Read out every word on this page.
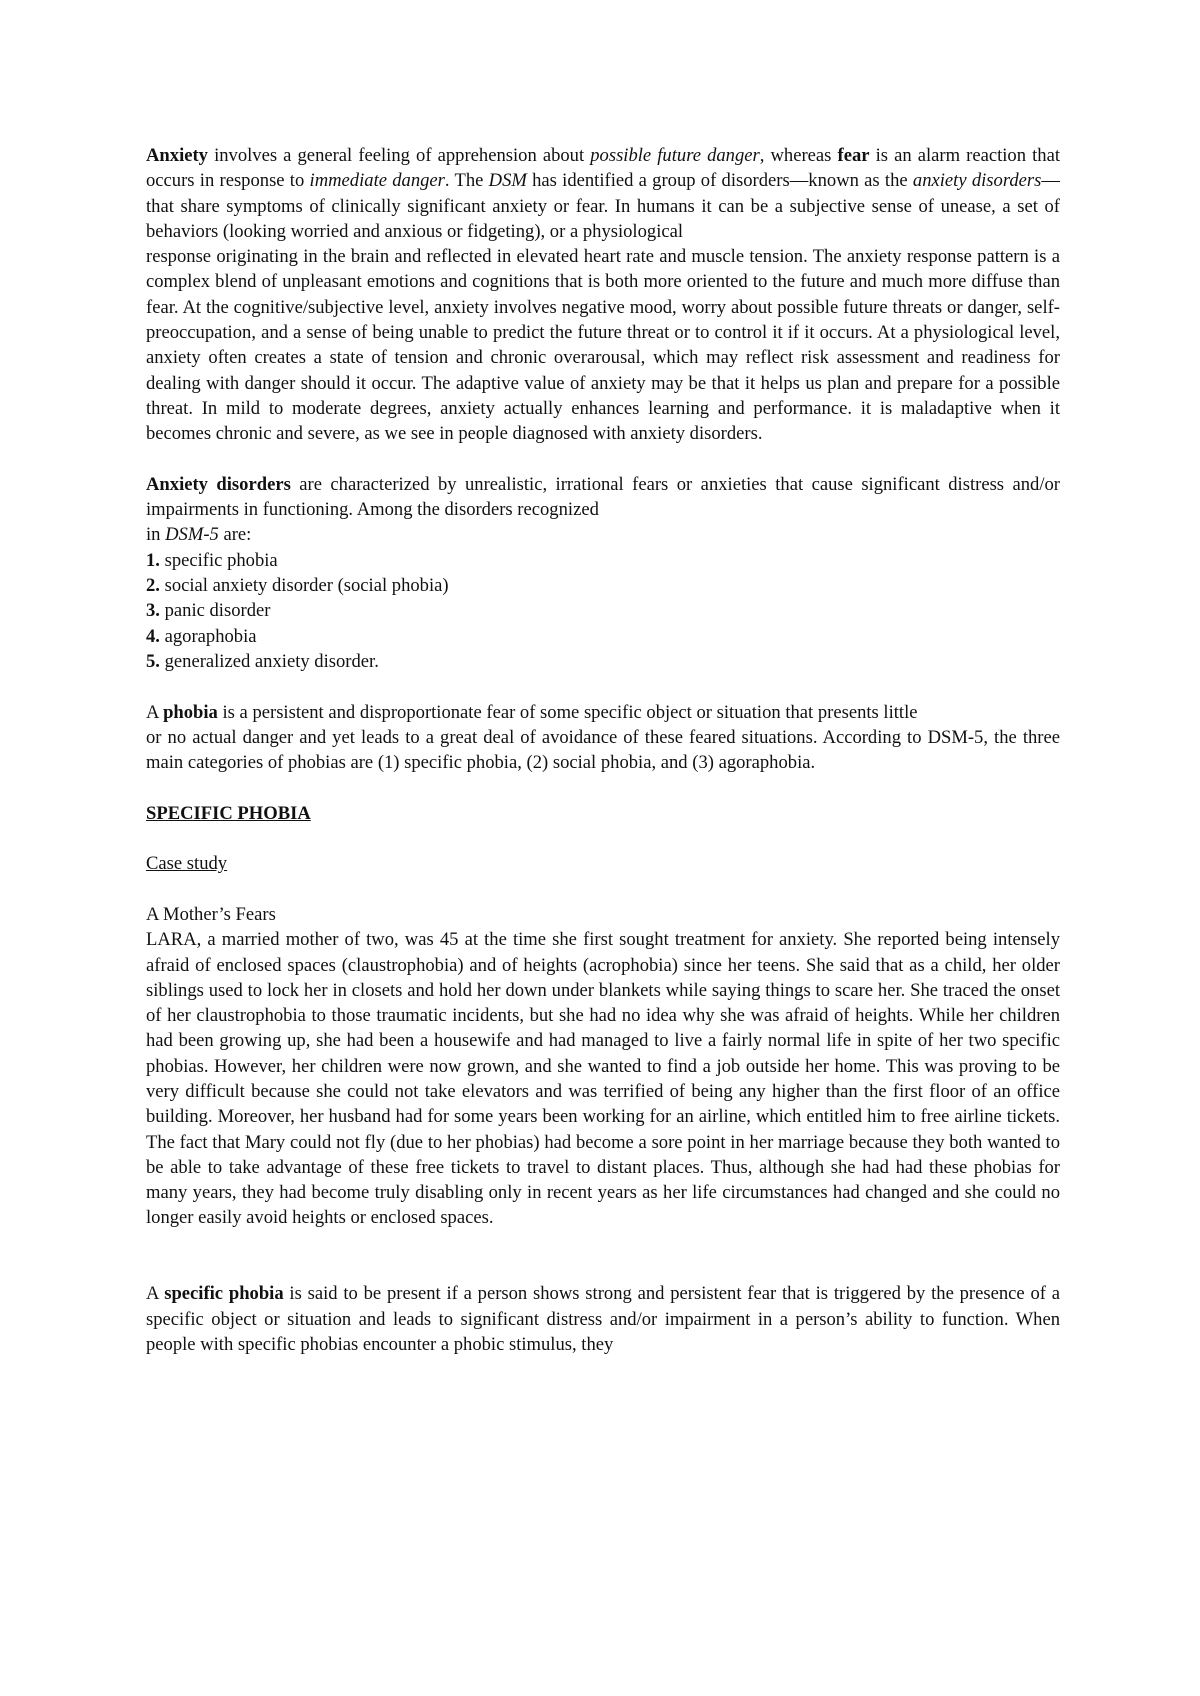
Anxiety involves a general feeling of apprehension about possible future danger, whereas fear is an alarm reaction that occurs in response to immediate danger. The DSM has identified a group of disorders—known as the anxiety disorders— that share symptoms of clinically significant anxiety or fear. In humans it can be a subjective sense of unease, a set of behaviors (looking worried and anxious or fidgeting), or a physiological

response originating in the brain and reflected in elevated heart rate and muscle tension. The anxiety response pattern is a complex blend of unpleasant emotions and cognitions that is both more oriented to the future and much more diffuse than fear. At the cognitive/subjective level, anxiety involves negative mood, worry about possible future threats or danger, self-preoccupation, and a sense of being unable to predict the future threat or to control it if it occurs. At a physiological level, anxiety often creates a state of tension and chronic overarousal, which may reflect risk assessment and readiness for dealing with danger should it occur. The adaptive value of anxiety may be that it helps us plan and prepare for a possible threat. In mild to moderate degrees, anxiety actually enhances learning and performance. it is maladaptive when it becomes chronic and severe, as we see in people diagnosed with anxiety disorders.

Anxiety disorders are characterized by unrealistic, irrational fears or anxieties that cause significant distress and/or impairments in functioning. Among the disorders recognized

in DSM-5 are:

1. specific phobia
2. social anxiety disorder (social phobia)
3. panic disorder
4. agoraphobia
5. generalized anxiety disorder.

A phobia is a persistent and disproportionate fear of some specific object or situation that presents little

or no actual danger and yet leads to a great deal of avoidance of these feared situations. According to DSM-5, the three main categories of phobias are (1) specific phobia, (2) social phobia, and (3) agoraphobia.

SPECIFIC PHOBIA

Case study

A Mother’s Fears

LARA, a married mother of two, was 45 at the time she first sought treatment for anxiety. She reported being intensely afraid of enclosed spaces (claustrophobia) and of heights (acrophobia) since her teens. She said that as a child, her older siblings used to lock her in closets and hold her down under blankets while saying things to scare her. She traced the onset of her claustrophobia to those traumatic incidents, but she had no idea why she was afraid of heights. While her children had been growing up, she had been a housewife and had managed to live a fairly normal life in spite of her two specific phobias. However, her children were now grown, and she wanted to find a job outside her home. This was proving to be very difficult because she could not take elevators and was terrified of being any higher than the first floor of an office building. Moreover, her husband had for some years been working for an airline, which entitled him to free airline tickets. The fact that Mary could not fly (due to her phobias) had become a sore point in her marriage because they both wanted to be able to take advantage of these free tickets to travel to distant places. Thus, although she had had these phobias for many years, they had become truly disabling only in recent years as her life circumstances had changed and she could no longer easily avoid heights or enclosed spaces.

A specific phobia is said to be present if a person shows strong and persistent fear that is triggered by the presence of a specific object or situation and leads to significant distress and/or impairment in a person’s ability to function. When people with specific phobias encounter a phobic stimulus, they
